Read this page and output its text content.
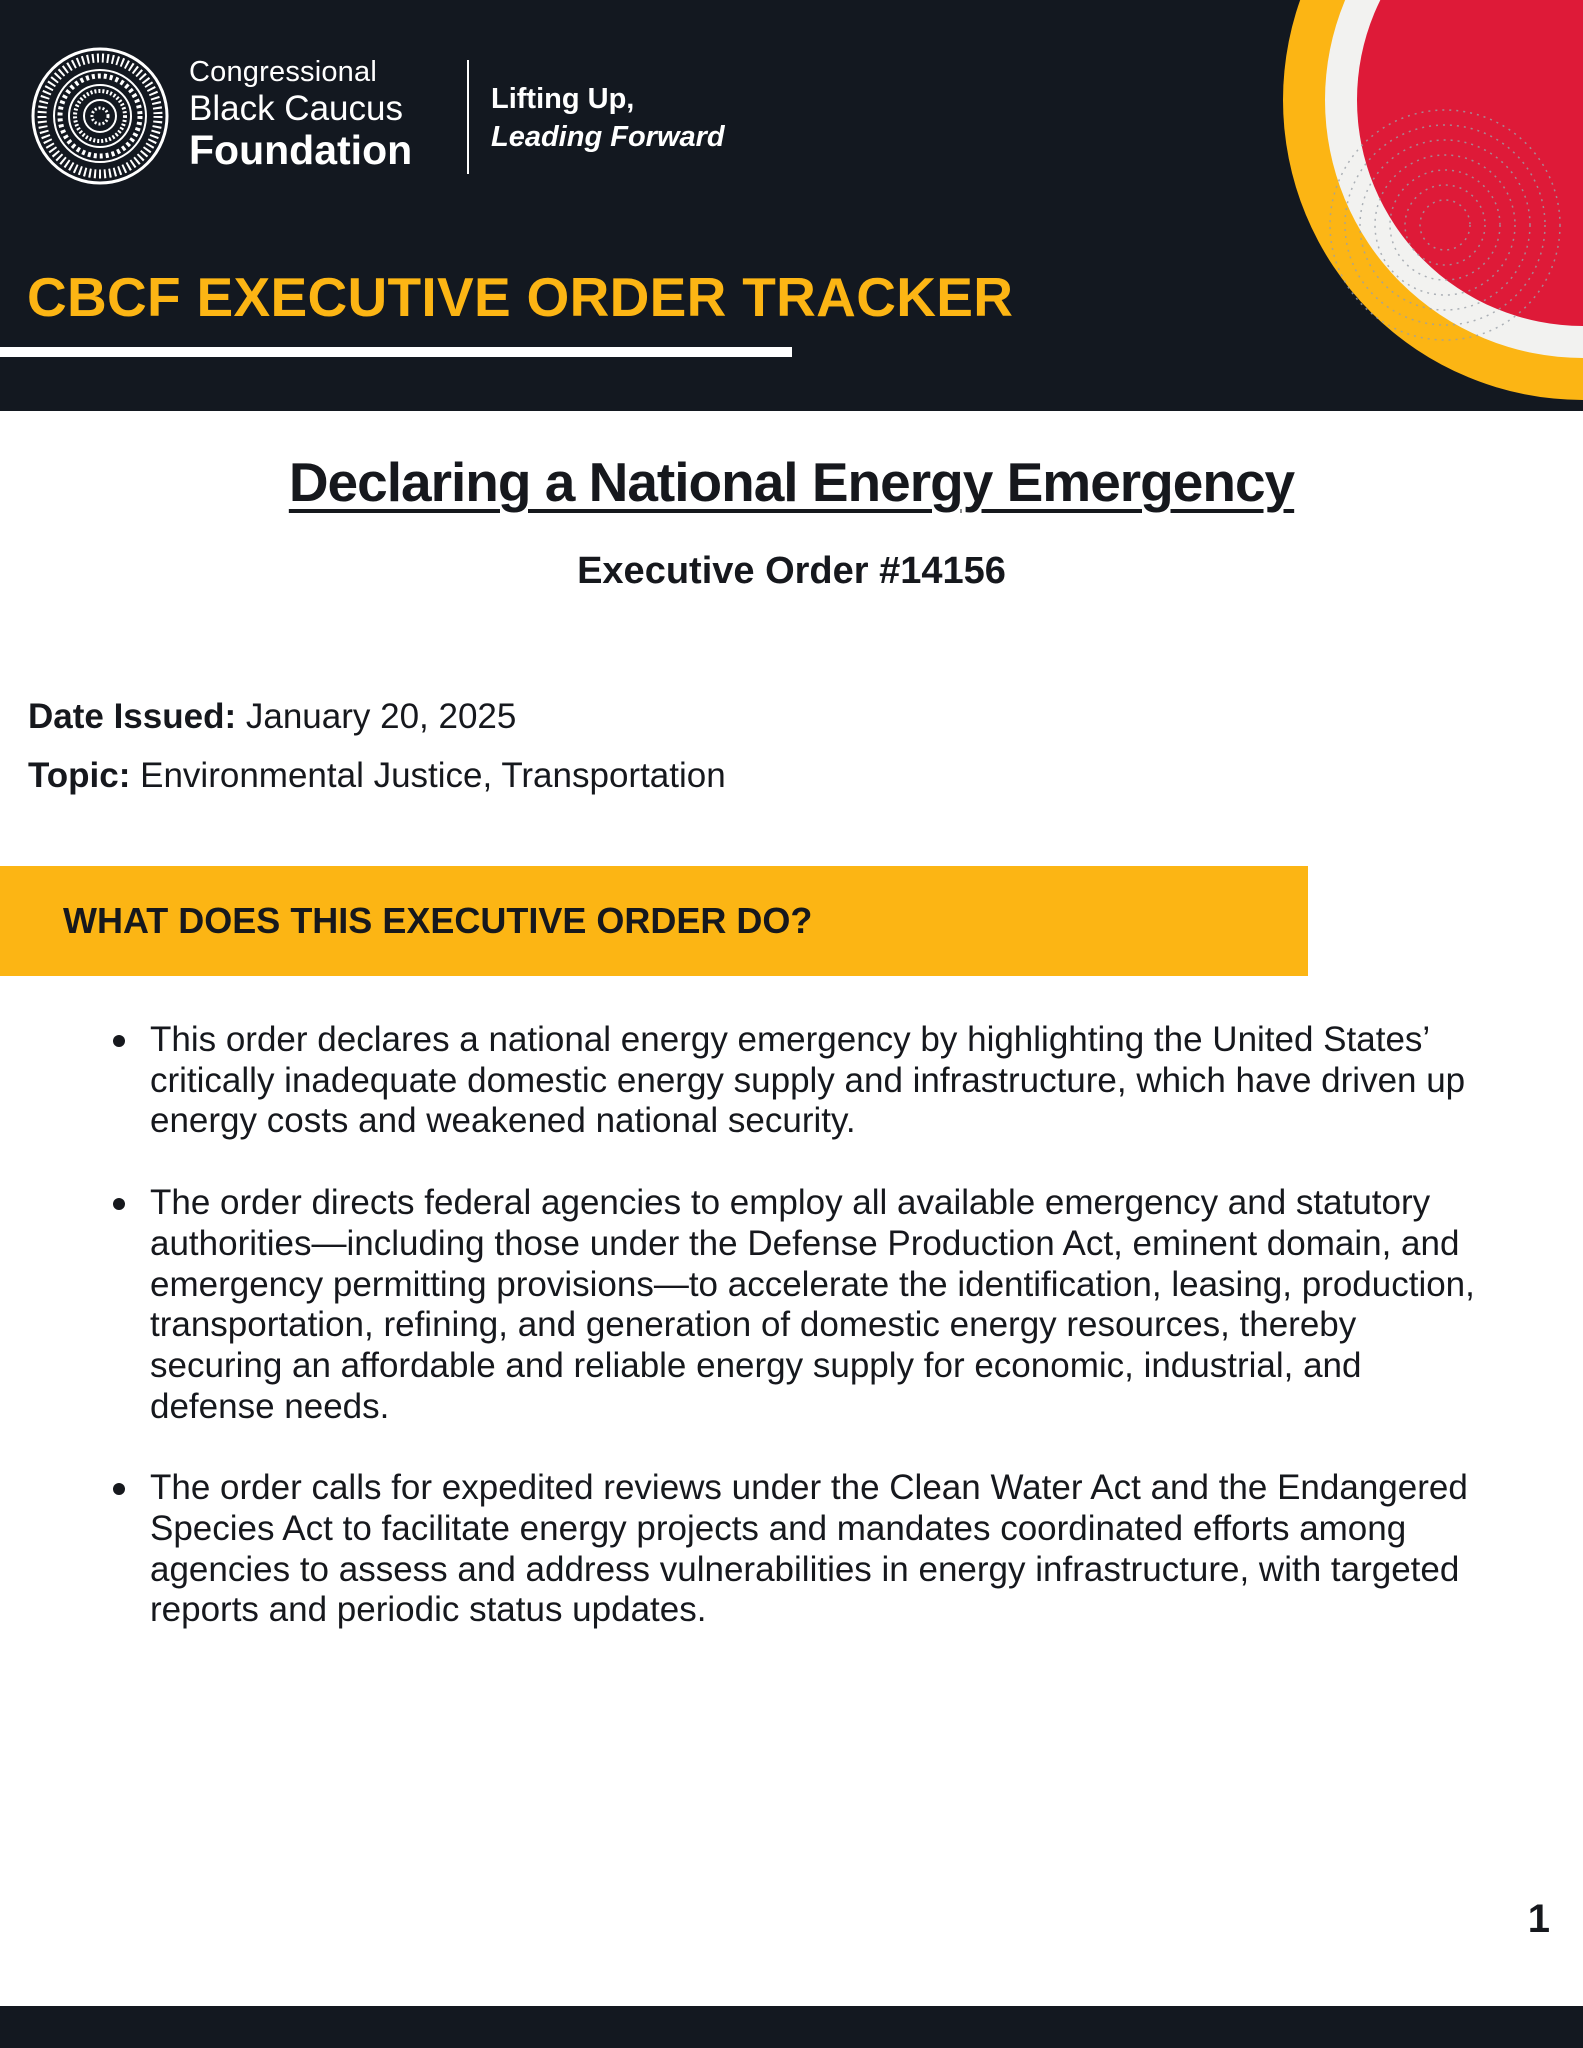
Congressional
Black Caucus
Foundation
Lifting Up,
Leading Forward
CBCF EXECUTIVE ORDER TRACKER
Declaring a National Energy Emergency
Executive Order #14156
Date Issued: January 20, 2025
Topic: Environmental Justice, Transportation
WHAT DOES THIS EXECUTIVE ORDER DO?
This order declares a national energy emergency by highlighting the United States’ critically inadequate domestic energy supply and infrastructure, which have driven up energy costs and weakened national security.
The order directs federal agencies to employ all available emergency and statutory authorities—including those under the Defense Production Act, eminent domain, and emergency permitting provisions—to accelerate the identification, leasing, production, transportation, refining, and generation of domestic energy resources, thereby securing an affordable and reliable energy supply for economic, industrial, and defense needs.
The order calls for expedited reviews under the Clean Water Act and the Endangered Species Act to facilitate energy projects and mandates coordinated efforts among agencies to assess and address vulnerabilities in energy infrastructure, with targeted reports and periodic status updates.
1
